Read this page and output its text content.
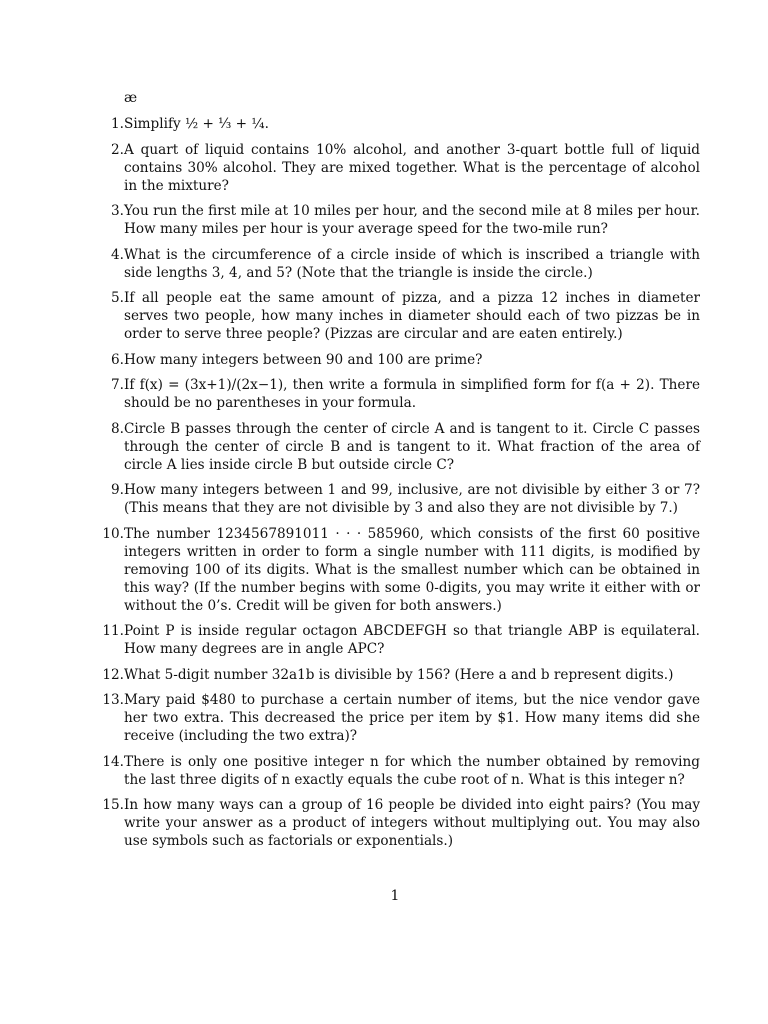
æ
1. Simplify ½ + ⅓ + ¼.
2. A quart of liquid contains 10% alcohol, and another 3-quart bottle full of liquid contains 30% alcohol. They are mixed together. What is the percentage of alcohol in the mixture?
3. You run the first mile at 10 miles per hour, and the second mile at 8 miles per hour. How many miles per hour is your average speed for the two-mile run?
4. What is the circumference of a circle inside of which is inscribed a triangle with side lengths 3, 4, and 5? (Note that the triangle is inside the circle.)
5. If all people eat the same amount of pizza, and a pizza 12 inches in diameter serves two people, how many inches in diameter should each of two pizzas be in order to serve three people? (Pizzas are circular and are eaten entirely.)
6. How many integers between 90 and 100 are prime?
7. If f(x) = (3x+1)/(2x−1), then write a formula in simplified form for f(a + 2). There should be no parentheses in your formula.
8. Circle B passes through the center of circle A and is tangent to it. Circle C passes through the center of circle B and is tangent to it. What fraction of the area of circle A lies inside circle B but outside circle C?
9. How many integers between 1 and 99, inclusive, are not divisible by either 3 or 7? (This means that they are not divisible by 3 and also they are not divisible by 7.)
10. The number 1234567891011 · · · 585960, which consists of the first 60 positive integers written in order to form a single number with 111 digits, is modified by removing 100 of its digits. What is the smallest number which can be obtained in this way? (If the number begins with some 0-digits, you may write it either with or without the 0’s. Credit will be given for both answers.)
11. Point P is inside regular octagon ABCDEFGH so that triangle ABP is equilateral. How many degrees are in angle APC?
12. What 5-digit number 32a1b is divisible by 156? (Here a and b represent digits.)
13. Mary paid $480 to purchase a certain number of items, but the nice vendor gave her two extra. This decreased the price per item by $1. How many items did she receive (including the two extra)?
14. There is only one positive integer n for which the number obtained by removing the last three digits of n exactly equals the cube root of n. What is this integer n?
15. In how many ways can a group of 16 people be divided into eight pairs? (You may write your answer as a product of integers without multiplying out. You may also use symbols such as factorials or exponentials.)
1
